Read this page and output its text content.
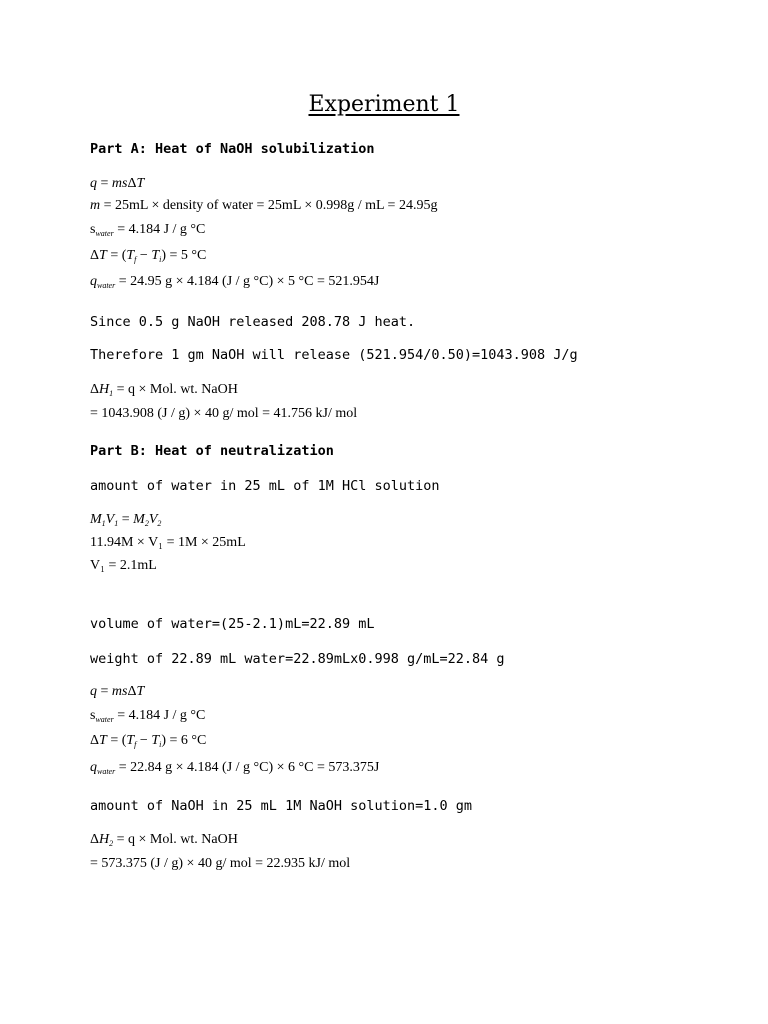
Experiment 1
Part A: Heat of NaOH solubilization
q = msΔT
m = 25mL × density of water = 25mL × 0.998g / mL = 24.95g
$s_{water} = 4.184$ J / g °C
$\Delta T = (T_f - T_i) = 5$ °C
$q_{water} = 24.95$ g × 4.184 (J / g °C) × 5 °C = 521.954J
Since 0.5 g NaOH released 208.78 J heat.
Therefore 1 gm NaOH will release (521.954/0.50)=1043.908 J/g
$\Delta H_1 = q$ × Mol. wt. NaOH
= 1043.908 (J / g) × 40 g/ mol = 41.756 kJ/ mol
Part B: Heat of neutralization
amount of water in 25 mL of 1M HCl solution
$M_1V_1 = M_2V_2$
11.94M × V₁ = 1M × 25mL
V₁ = 2.1mL
volume of water=(25-2.1)mL=22.89 mL
weight of 22.89 mL water=22.89mLx0.998 g/mL=22.84 g
q = msΔT
$s_{water} = 4.184$ J / g °C
$\Delta T = (T_f - T_i) = 6$ °C
$q_{water} = 22.84$ g × 4.184 (J / g °C) × 6 °C = 573.375J
amount of NaOH in 25 mL 1M NaOH solution=1.0 gm
$\Delta H_2 = q$ × Mol. wt. NaOH
= 573.375 (J / g) × 40 g/ mol = 22.935 kJ/ mol
